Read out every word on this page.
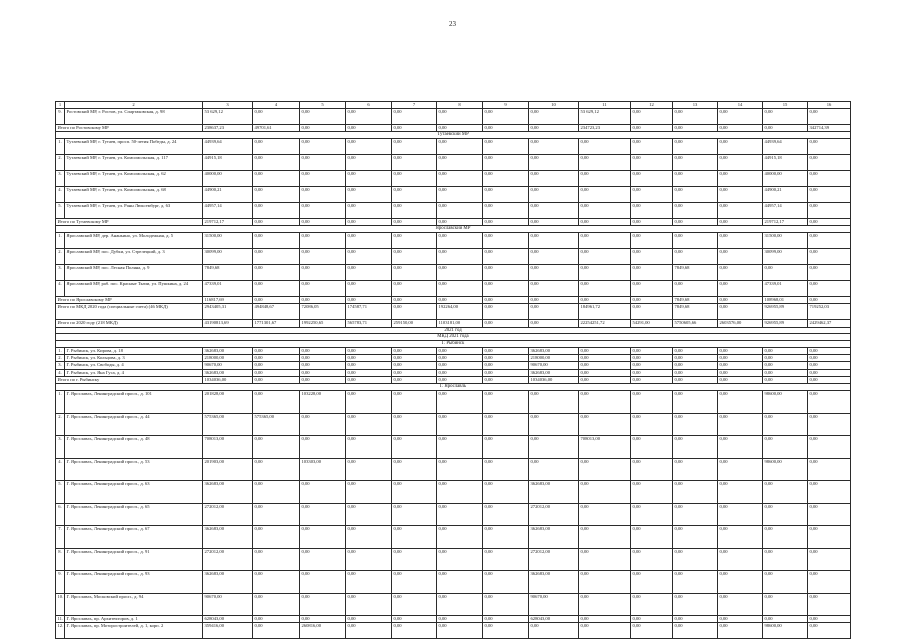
23
1	2	3	4	5	6	7	8	9	10	11	12	13	14	15	16
9.	Ростовский МР, г. Ростов, ул. Спартаковская, д. 98	53 629,12	0,00	0,00	0,00	0,00	0,00	0,00	0,00	53 629,12	0,00	0,00	0,00	0,00	0,00
Итого по Ростовскому МР		238637,23	49701,61	0,00	0,00	0,00	0,00	0,00	0,00	234723,23	0,00	0,00	0,00	0,00	342714,39
Тутаевский МР															
1.	Тутаевский МР, г. Тутаев, просп. 50-летия Победы, д. 24	44939,64	0,00	0,00	0,00	0,00	0,00	0,00	0,00	0,00	0,00	0,00	0,00	44939,64	0,00
2.	Тутаевский МР, г. Тутаев, ул. Комсомольская, д. 117	44915,18	0,00	0,00	0,00	0,00	0,00	0,00	0,00	0,00	0,00	0,00	0,00	44915,18	0,00
3.	Тутаевский МР, г. Тутаев, ул. Комсомольская, д. 62	40000,00	0,00	0,00	0,00	0,00	0,00	0,00	0,00	0,00	0,00	0,00	0,00	40000,00	0,00
4.	Тутаевский МР, г. Тутаев, ул. Комсомольская, д. 68	44900,21	0,00	0,00	0,00	0,00	0,00	0,00	0,00	0,00	0,00	0,00	0,00	44900,21	0,00
5.	Тутаевский МР, г. Тутаев, ул. Ранн Люксембург, д. 63	44957,14	0,00	0,00	0,00	0,00	0,00	0,00	0,00	0,00	0,00	0,00	0,00	44957,14	0,00
Итого по Тутаевскому МР		219712,17	0,00	0,00	0,00	0,00	0,00	0,00	0,00	0,00	0,00	0,00	0,00	219712,17	0,00
Ярославский МР															
1.	Ярославский МР, дер. Ананьино, ул. Молодежная, д. 5	31500,00	0,00	0,00	0,00	0,00	0,00	0,00	0,00	0,00	0,00	0,00	0,00	31500,00	0,00
2.	Ярославский МР, пос. Дубки, ул. Стрелецкий, д. 3	30099,00	0,00	0,00	0,00	0,00	0,00	0,00	0,00	0,00	0,00	0,00	0,00	30099,00	0,00
3.	Ярославский МР, пос. Лесная Поляна, д. 9	7849,68	0,00	0,00	0,00	0,00	0,00	0,00	0,00	0,00	0,00	7849,68	0,00	0,00	0,00
4.	Ярославский МР, раб. пос. Красные Ткачи, ул. Пушкина, д. 24	47339,01	0,00	0,00	0,00	0,00	0,00	0,00	0,00	0,00	0,00	0,00	0,00	47339,01	0,00
Итого по Ярославскому МР		116817,69	0,00	0,00	0,00	0,00	0,00	0,00	0,00	0,00	0,00	7849,68	0,00	108968,01	0,00
Итого по МКД 2020 года (специальные счета) (46 МКД)		2943405,31	494848,67	72086,05	174587,71	0,00	192264,00	0,00	0,00	184961,72	0,00	7849,68	0,00	926955,89	719252,03
Итого по 2020 году (218 МКД)		43190813,69	1771301,67	1992250,65	565783,71	259150,00	1103181,00	0,00	0,00	22254251,72	54291,00	5750605,66	2603576,00	926955,89	2429462,37
2021 год															
МКД 2021 года															
Г. Рыбинск															
1.	Г. Рыбинск, ул. Кирова, д. 18	362683,00	0,00	0,00	0,00	0,00	0,00	0,00	362683,00	0,00	0,00	0,00	0,00	0,00	0,00
2.	Г. Рыбинск, ул. Кольцова, д. 3	218000,00	0,00	0,00	0,00	0,00	0,00	0,00	218000,00	0,00	0,00	0,00	0,00	0,00	0,00
3.	Г. Рыбинск, ул. Свободы, д. 4	90670,00	0,00	0,00	0,00	0,00	0,00	0,00	90670,00	0,00	0,00	0,00	0,00	0,00	0,00
4.	Г. Рыбинск, ул. Яна Гуса, д. 4	362683,00	0,00	0,00	0,00	0,00	0,00	0,00	362683,00	0,00	0,00	0,00	0,00	0,00	0,00
Итого по г. Рыбинску		1034036,00	0,00	0,00	0,00	0,00	0,00	0,00	1034036,00	0,00	0,00	0,00	0,00	0,00	0,00
Г. Ярославль															
1.	Г. Ярославль, Ленинградский просп., д. 101	201828,00	0,00	103228,00	0,00	0,00	0,00	0,00	0,00	0,00	0,00	0,00	0,00	98600,00	0,00
2.	Г. Ярославль, Ленинградский просп., д. 44	575365,00	575365,00	0,00	0,00	0,00	0,00	0,00	0,00	0,00	0,00	0,00	0,00	0,00	0,00
3.	Г. Ярославль, Ленинградский просп., д. 48	708013,00	0,00	0,00	0,00	0,00	0,00	0,00	0,00	708013,00	0,00	0,00	0,00	0,00	0,00
4.	Г. Ярославль, Ленинградский просп., д. 53	201903,00	0,00	103303,00	0,00	0,00	0,00	0,00	0,00	0,00	0,00	0,00	0,00	98600,00	0,00
5.	Г. Ярославль, Ленинградский просп., д. 63	362683,00	0,00	0,00	0,00	0,00	0,00	0,00	362683,00	0,00	0,00	0,00	0,00	0,00	0,00
6.	Г. Ярославль, Ленинградский просп., д. 65	272012,00	0,00	0,00	0,00	0,00	0,00	0,00	272012,00	0,00	0,00	0,00	0,00	0,00	0,00
7.	Г. Ярославль, Ленинградский просп., д. 67	362683,00	0,00	0,00	0,00	0,00	0,00	0,00	362683,00	0,00	0,00	0,00	0,00	0,00	0,00
8.	Г. Ярославль, Ленинградский просп., д. 91	272012,00	0,00	0,00	0,00	0,00	0,00	0,00	272012,00	0,00	0,00	0,00	0,00	0,00	0,00
9.	Г. Ярославль, Ленинградский просп., д. 93	362683,00	0,00	0,00	0,00	0,00	0,00	0,00	362683,00	0,00	0,00	0,00	0,00	0,00	0,00
10.	Г. Ярославль, Московский просп., д. 94	90670,00	0,00	0,00	0,00	0,00	0,00	0,00	90670,00	0,00	0,00	0,00	0,00	0,00	0,00
11.	Г. Ярославль, пр. Архитекторов, д. 1	628043,00	0,00	0,00	0,00	0,00	0,00	0,00	628043,00	0,00	0,00	0,00	0,00	0,00	0,00
12.	Г. Ярославль, пр. Моторостроителей, д. 1, корп. 2	359416,00	0,00	260816,00	0,00	0,00	0,00	0,00	0,00	0,00	0,00	0,00	0,00	98600,00	0,00
